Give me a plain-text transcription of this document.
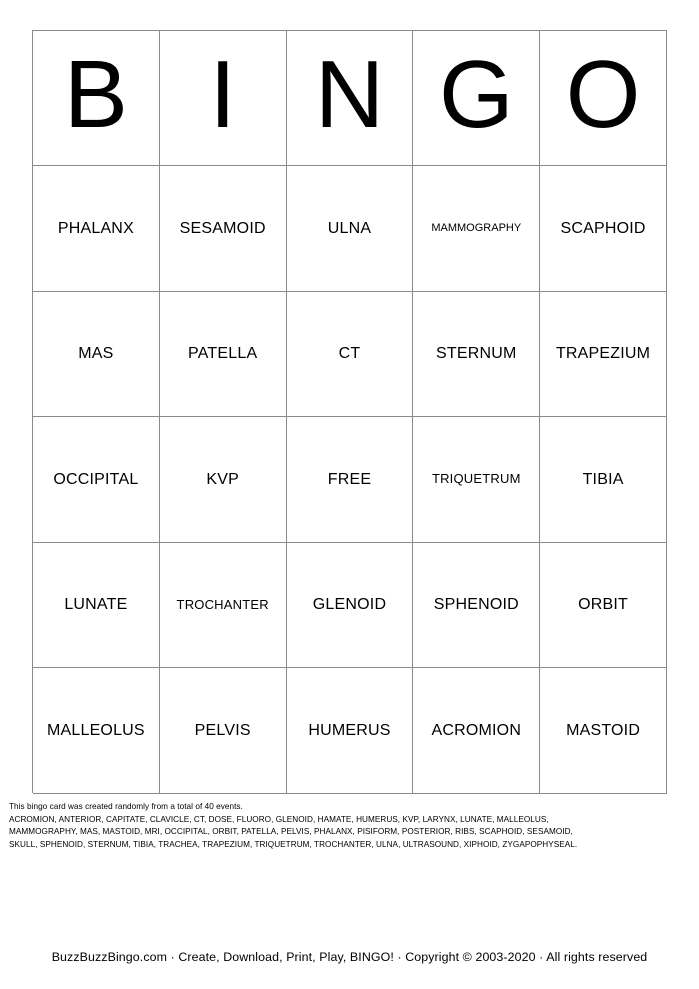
B I N G O
PHALANX	SESAMOID	ULNA	MAMMOGRAPHY	SCAPHOID
MAS	PATELLA	CT	STERNUM	TRAPEZIUM
OCCIPITAL	KVP	FREE	TRIQUETRUM	TIBIA
LUNATE	TROCHANTER	GLENOID	SPHENOID	ORBIT
MALLEOLUS	PELVIS	HUMERUS	ACROMION	MASTOID
This bingo card was created randomly from a total of 40 events.
ACROMION, ANTERIOR, CAPITATE, CLAVICLE, CT, DOSE, FLUORO, GLENOID, HAMATE, HUMERUS, KVP, LARYNX, LUNATE, MALLEOLUS,
MAMMOGRAPHY, MAS, MASTOID, MRI, OCCIPITAL, ORBIT, PATELLA, PELVIS, PHALANX, PISIFORM, POSTERIOR, RIBS, SCAPHOID, SESAMOID,
SKULL, SPHENOID, STERNUM, TIBIA, TRACHEA, TRAPEZIUM, TRIQUETRUM, TROCHANTER, ULNA, ULTRASOUND, XIPHOID, ZYGAPOPHYSEAL.
BuzzBuzzBingo.com · Create, Download, Print, Play, BINGO! · Copyright © 2003-2020 · All rights reserved
